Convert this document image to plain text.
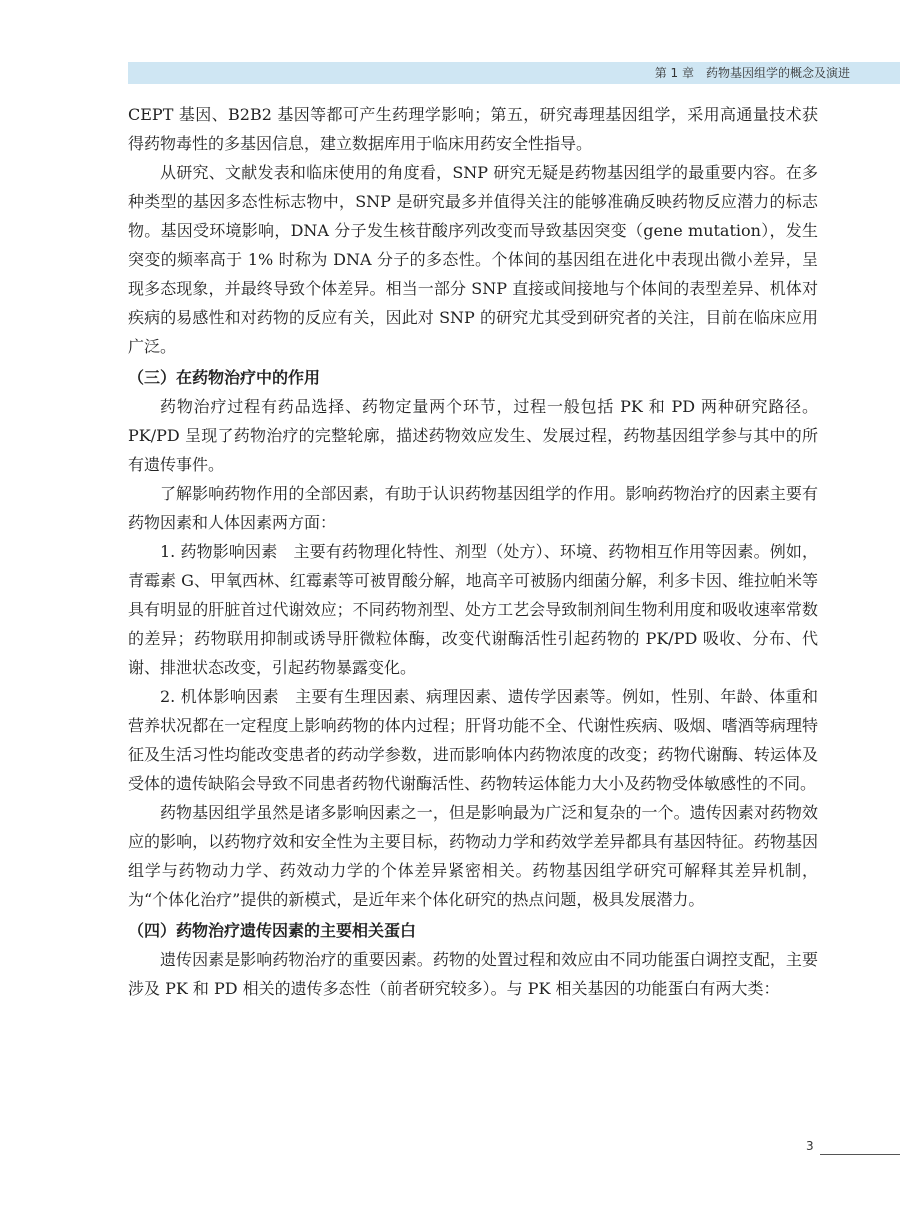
第 1 章　药物基因组学的概念及演进

CEPT 基因、B2B2 基因等都可产生药理学影响；第五，研究毒理基因组学，采用高通量技术获得药物毒性的多基因信息，建立数据库用于临床用药安全性指导。

从研究、文献发表和临床使用的角度看，SNP 研究无疑是药物基因组学的最重要内容。在多种类型的基因多态性标志物中，SNP 是研究最多并值得关注的能够准确反映药物反应潜力的标志物。基因受环境影响，DNA 分子发生核苷酸序列改变而导致基因突变（gene mutation），发生突变的频率高于 1% 时称为 DNA 分子的多态性。个体间的基因组在进化中表现出微小差异，呈现多态现象，并最终导致个体差异。相当一部分 SNP 直接或间接地与个体间的表型差异、机体对疾病的易感性和对药物的反应有关，因此对 SNP 的研究尤其受到研究者的关注，目前在临床应用广泛。

（三）在药物治疗中的作用

药物治疗过程有药品选择、药物定量两个环节，过程一般包括 PK 和 PD 两种研究路径。PK/PD 呈现了药物治疗的完整轮廓，描述药物效应发生、发展过程，药物基因组学参与其中的所有遗传事件。

了解影响药物作用的全部因素，有助于认识药物基因组学的作用。影响药物治疗的因素主要有药物因素和人体因素两方面：

1. 药物影响因素　主要有药物理化特性、剂型（处方）、环境、药物相互作用等因素。例如，青霉素 G、甲氧西林、红霉素等可被胃酸分解，地高辛可被肠内细菌分解，利多卡因、维拉帕米等具有明显的肝脏首过代谢效应；不同药物剂型、处方工艺会导致制剂间生物利用度和吸收速率常数的差异；药物联用抑制或诱导肝微粒体酶，改变代谢酶活性引起药物的 PK/PD 吸收、分布、代谢、排泄状态改变，引起药物暴露变化。

2. 机体影响因素　主要有生理因素、病理因素、遗传学因素等。例如，性别、年龄、体重和营养状况都在一定程度上影响药物的体内过程；肝肾功能不全、代谢性疾病、吸烟、嗜酒等病理特征及生活习性均能改变患者的药动学参数，进而影响体内药物浓度的改变；药物代谢酶、转运体及受体的遗传缺陷会导致不同患者药物代谢酶活性、药物转运体能力大小及药物受体敏感性的不同。

药物基因组学虽然是诸多影响因素之一，但是影响最为广泛和复杂的一个。遗传因素对药物效应的影响，以药物疗效和安全性为主要目标，药物动力学和药效学差异都具有基因特征。药物基因组学与药物动力学、药效动力学的个体差异紧密相关。药物基因组学研究可解释其差异机制，为“个体化治疗”提供的新模式，是近年来个体化研究的热点问题，极具发展潜力。

（四）药物治疗遗传因素的主要相关蛋白

遗传因素是影响药物治疗的重要因素。药物的处置过程和效应由不同功能蛋白调控支配，主要涉及 PK 和 PD 相关的遗传多态性（前者研究较多）。与 PK 相关基因的功能蛋白有两大类：

3
